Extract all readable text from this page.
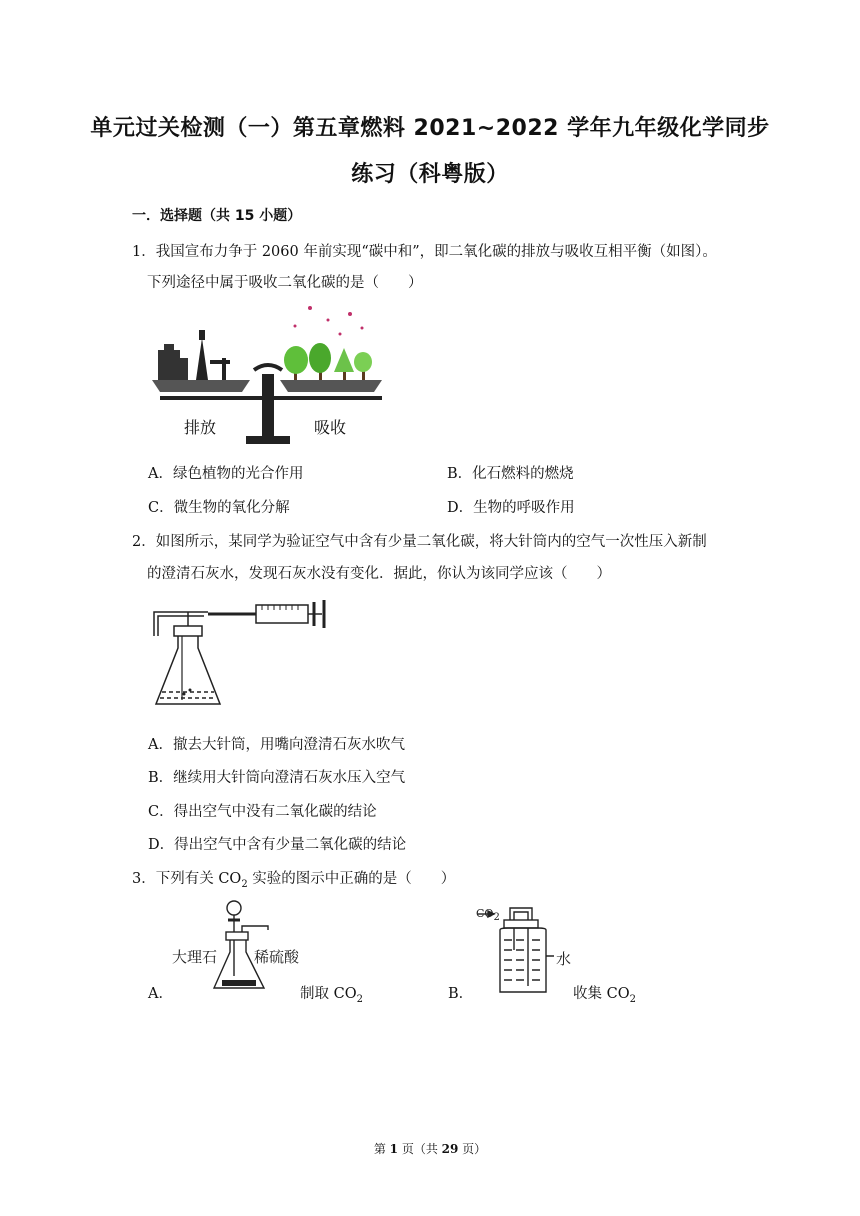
单元过关检测（一）第五章燃料 2021~2022 学年九年级化学同步
练习（科粤版）
一．选择题（共 15 小题）
1．我国宣布力争于 2060 年前实现“碳中和”，即二氧化碳的排放与吸收互相平衡（如图）。
下列途径中属于吸收二氧化碳的是（　　）
排放	吸收
A．绿色植物的光合作用	B．化石燃料的燃烧
C．微生物的氧化分解	D．生物的呼吸作用
2．如图所示，某同学为验证空气中含有少量二氧化碳，将大针筒内的空气一次性压入新制
的澄清石灰水，发现石灰水没有变化．据此，你认为该同学应该（　　）
A．撤去大针筒，用嘴向澄清石灰水吹气
B．继续用大针筒向澄清石灰水压入空气
C．得出空气中没有二氧化碳的结论
D．得出空气中含有少量二氧化碳的结论
3．下列有关 $CO_2$ 实验的图示中正确的是（　　）
大理石 稀硫酸
A．	制取 $CO_2$
$CO_2$
水
B．	收集 $CO_2$
第 1 页（共 29 页）
